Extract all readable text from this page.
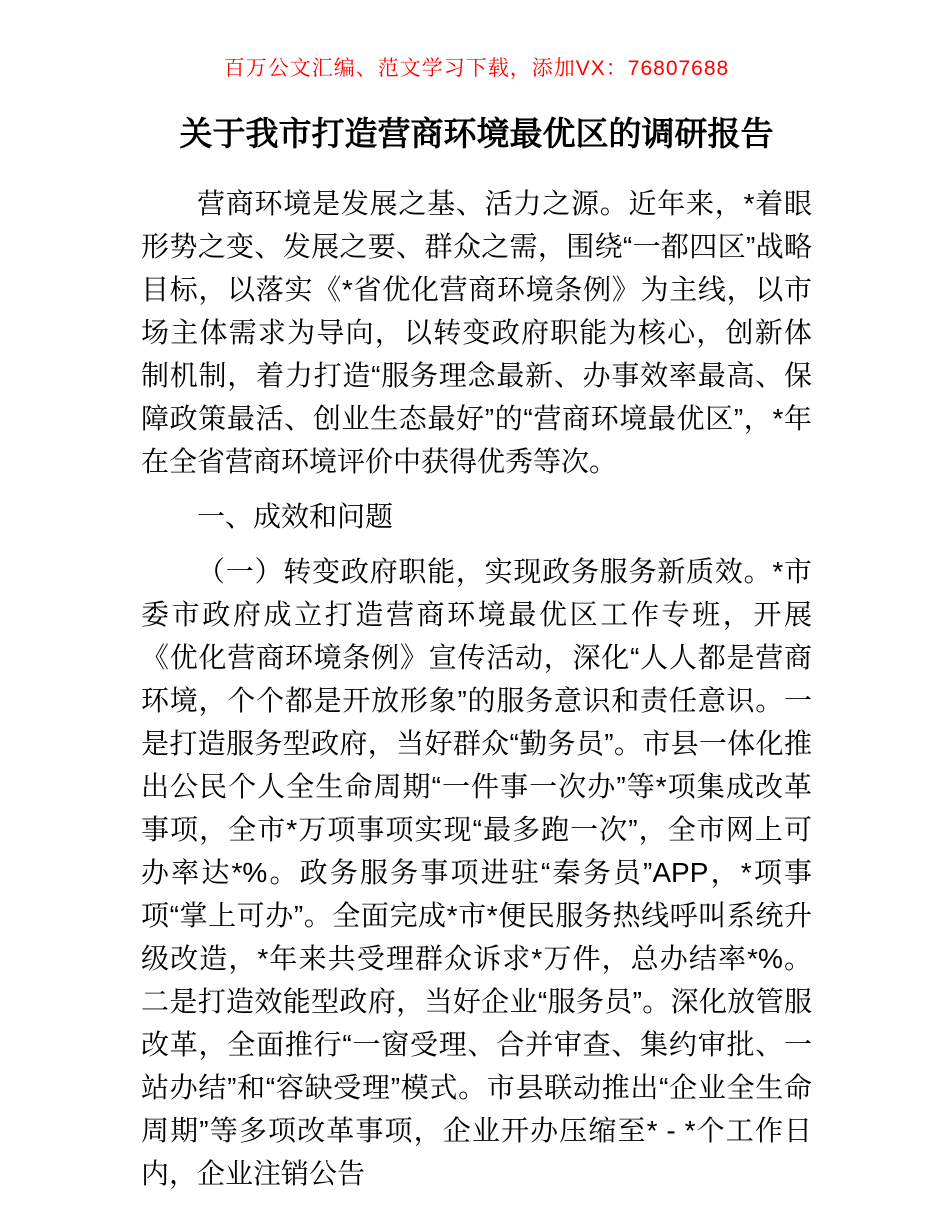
百万公文汇编、范文学习下载，添加VX：76807688
关于我市打造营商环境最优区的调研报告

营商环境是发展之基、活力之源。近年来，*着眼形势之变、发展之要、群众之需，围绕“一都四区”战略目标，以落实《*省优化营商环境条例》为主线，以市场主体需求为导向，以转变政府职能为核心，创新体制机制，着力打造“服务理念最新、办事效率最高、保障政策最活、创业生态最好”的“营商环境最优区”，*年在全省营商环境评价中获得优秀等次。

一、成效和问题

（一）转变政府职能，实现政务服务新质效。*市委市政府成立打造营商环境最优区工作专班，开展《优化营商环境条例》宣传活动，深化“人人都是营商环境，个个都是开放形象”的服务意识和责任意识。一是打造服务型政府，当好群众“勤务员”。市县一体化推出公民个人全生命周期“一件事一次办”等*项集成改革事项，全市*万项事项实现“最多跑一次”，全市网上可办率达*%。政务服务事项进驻“秦务员”APP，*项事项“掌上可办”。全面完成*市*便民服务热线呼叫系统升级改造，*年来共受理群众诉求*万件，总办结率*%。二是打造效能型政府，当好企业“服务员”。深化放管服改革，全面推行“一窗受理、合并审查、集约审批、一站办结”和“容缺受理”模式。市县联动推出“企业全生命周期”等多项改革事项，企业开办压缩至* - *个工作日内，企业注销公告
